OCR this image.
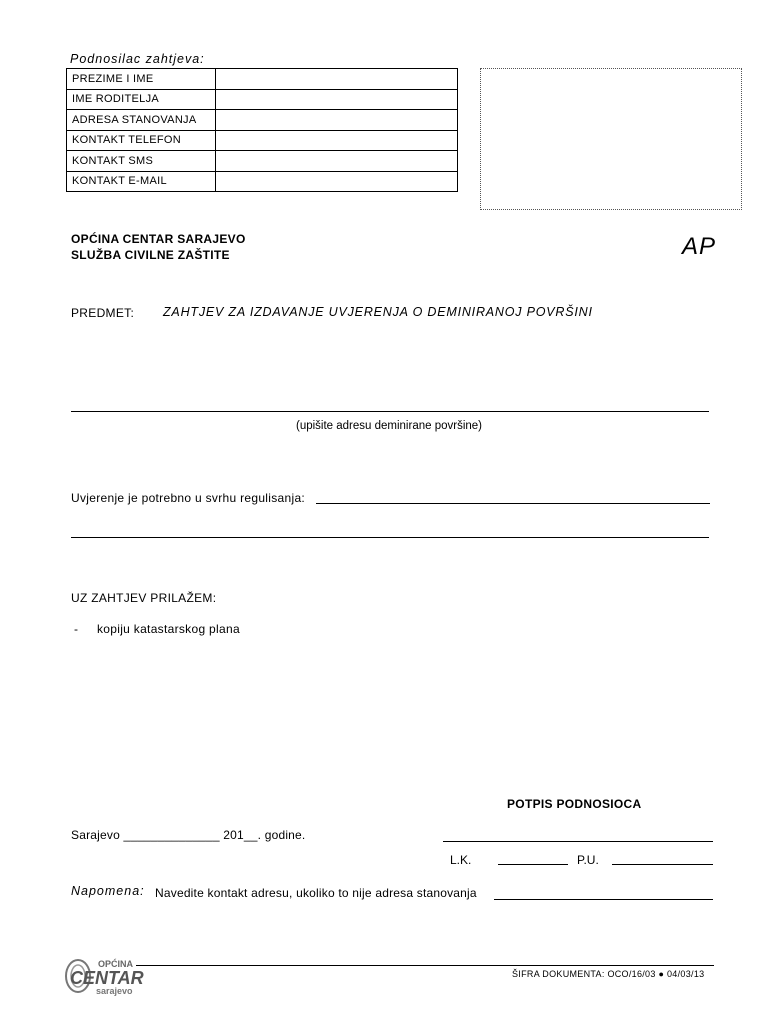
Podnosilac zahtjeva:
PREZIME I IME	
IME RODITELJA	
ADRESA STANOVANJA	
KONTAKT TELEFON	
KONTAKT SMS	
KONTAKT E-MAIL	
OPĆINA CENTAR SARAJEVO
SLUŽBA CIVILNE ZAŠTITE	AP
PREDMET: ZAHTJEV ZA IZDAVANJE UVJERENJA O DEMINIRANOJ POVRŠINI
(upišite adresu deminirane površine)
Uvjerenje je potrebno u svrhu regulisanja:
UZ ZAHTJEV PRILAŽEM:
- kopiju katastarskog plana
POTPIS PODNOSIOCA
Sarajevo ______________ 201__. godine.
L.K.	P.U.
Napomena: Navedite kontakt adresu, ukoliko to nije adresa stanovanja
ŠIFRA DOKUMENTA: OCO/16/03 ● 04/03/13
OPĆINA
CENTAR
sarajevo
